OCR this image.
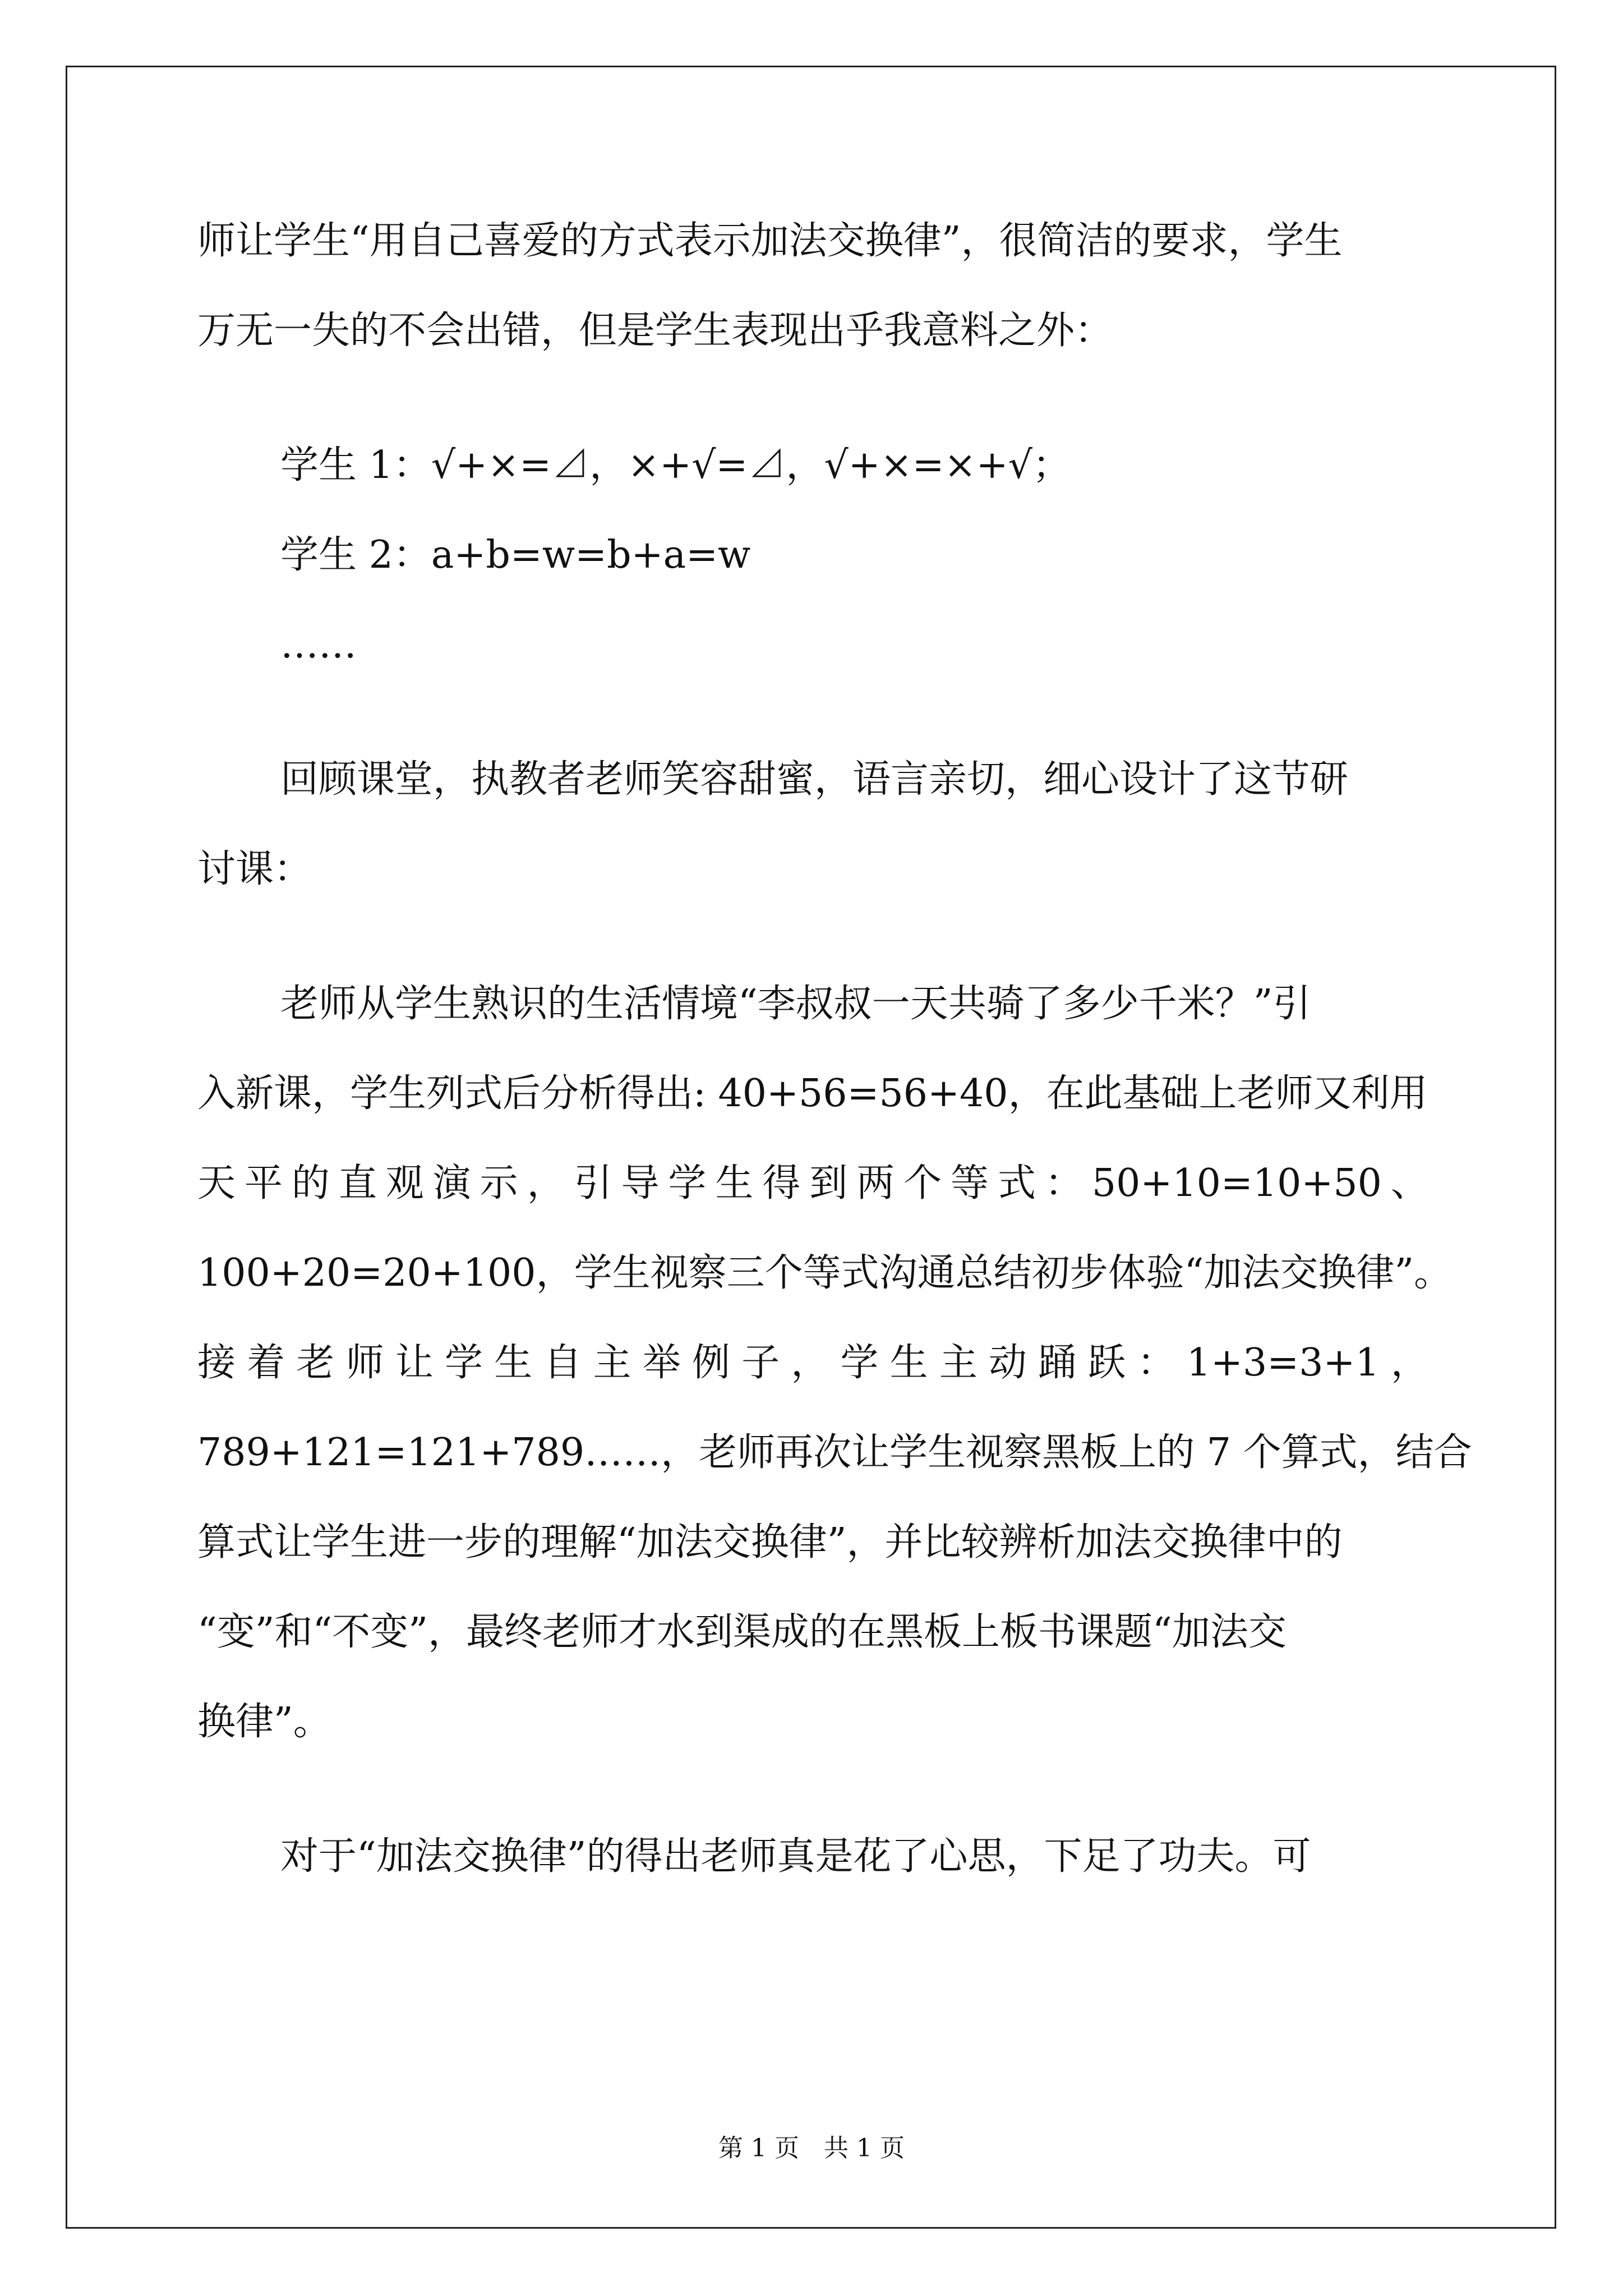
师让学生“用自己喜爱的方式表示加法交换律”，很简洁的要求，学生
万无一失的不会出错，但是学生表现出乎我意料之外：
学生 1：√+×=⊿，×+√=⊿，√+×=×+√；
学生 2：a+b=w=b+a=w
……
回顾课堂，执教者老师笑容甜蜜，语言亲切，细心设计了这节研
讨课：
老师从学生熟识的生活情境“李叔叔一天共骑了多少千米？”引
入新课，学生列式后分析得出: 40+56=56+40，在此基础上老师又利用
天 平 的 直 观 演 示 ， 引 导 学 生 得 到 两 个 等 式 ： 50+10=10+50 、
100+20=20+100，学生视察三个等式沟通总结初步体验“加法交换律”。
接 着 老 师 让 学 生 自 主 举 例 子 ， 学 生 主 动 踊 跃 ： 1+3=3+1 ，
789+121=121+789……，老师再次让学生视察黑板上的 7 个算式，结合
算式让学生进一步的理解“加法交换律”，并比较辨析加法交换律中的
“变”和“不变”，最终老师才水到渠成的在黑板上板书课题“加法交
换律”。
对于“加法交换律”的得出老师真是花了心思，下足了功夫。可
第 1 页　共 1 页
